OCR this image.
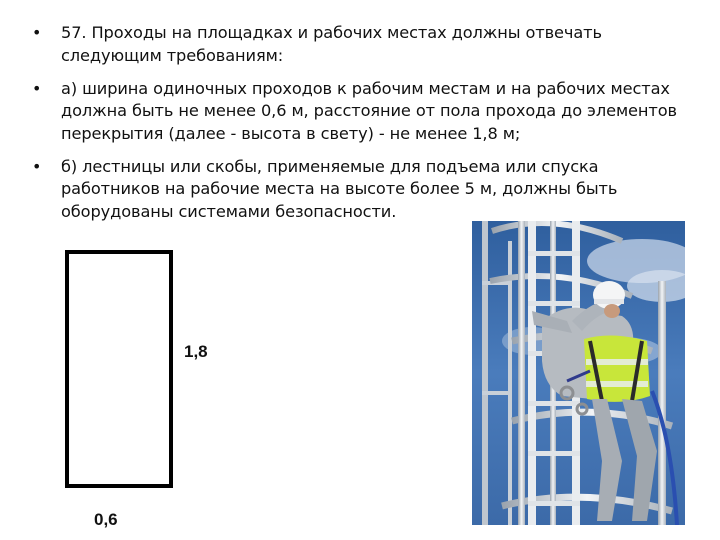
• 57. Проходы на площадках и рабочих местах должны отвечать следующим требованиям:
• а) ширина одиночных проходов к рабочим местам и на рабочих местах должна быть не менее 0,6 м, расстояние от пола прохода до элементов перекрытия (далее - высота в свету) - не менее 1,8 м;
• б) лестницы или скобы, применяемые для подъема или спуска работников на рабочие места на высоте более 5 м, должны быть оборудованы системами безопасности.
1,8
0,6
